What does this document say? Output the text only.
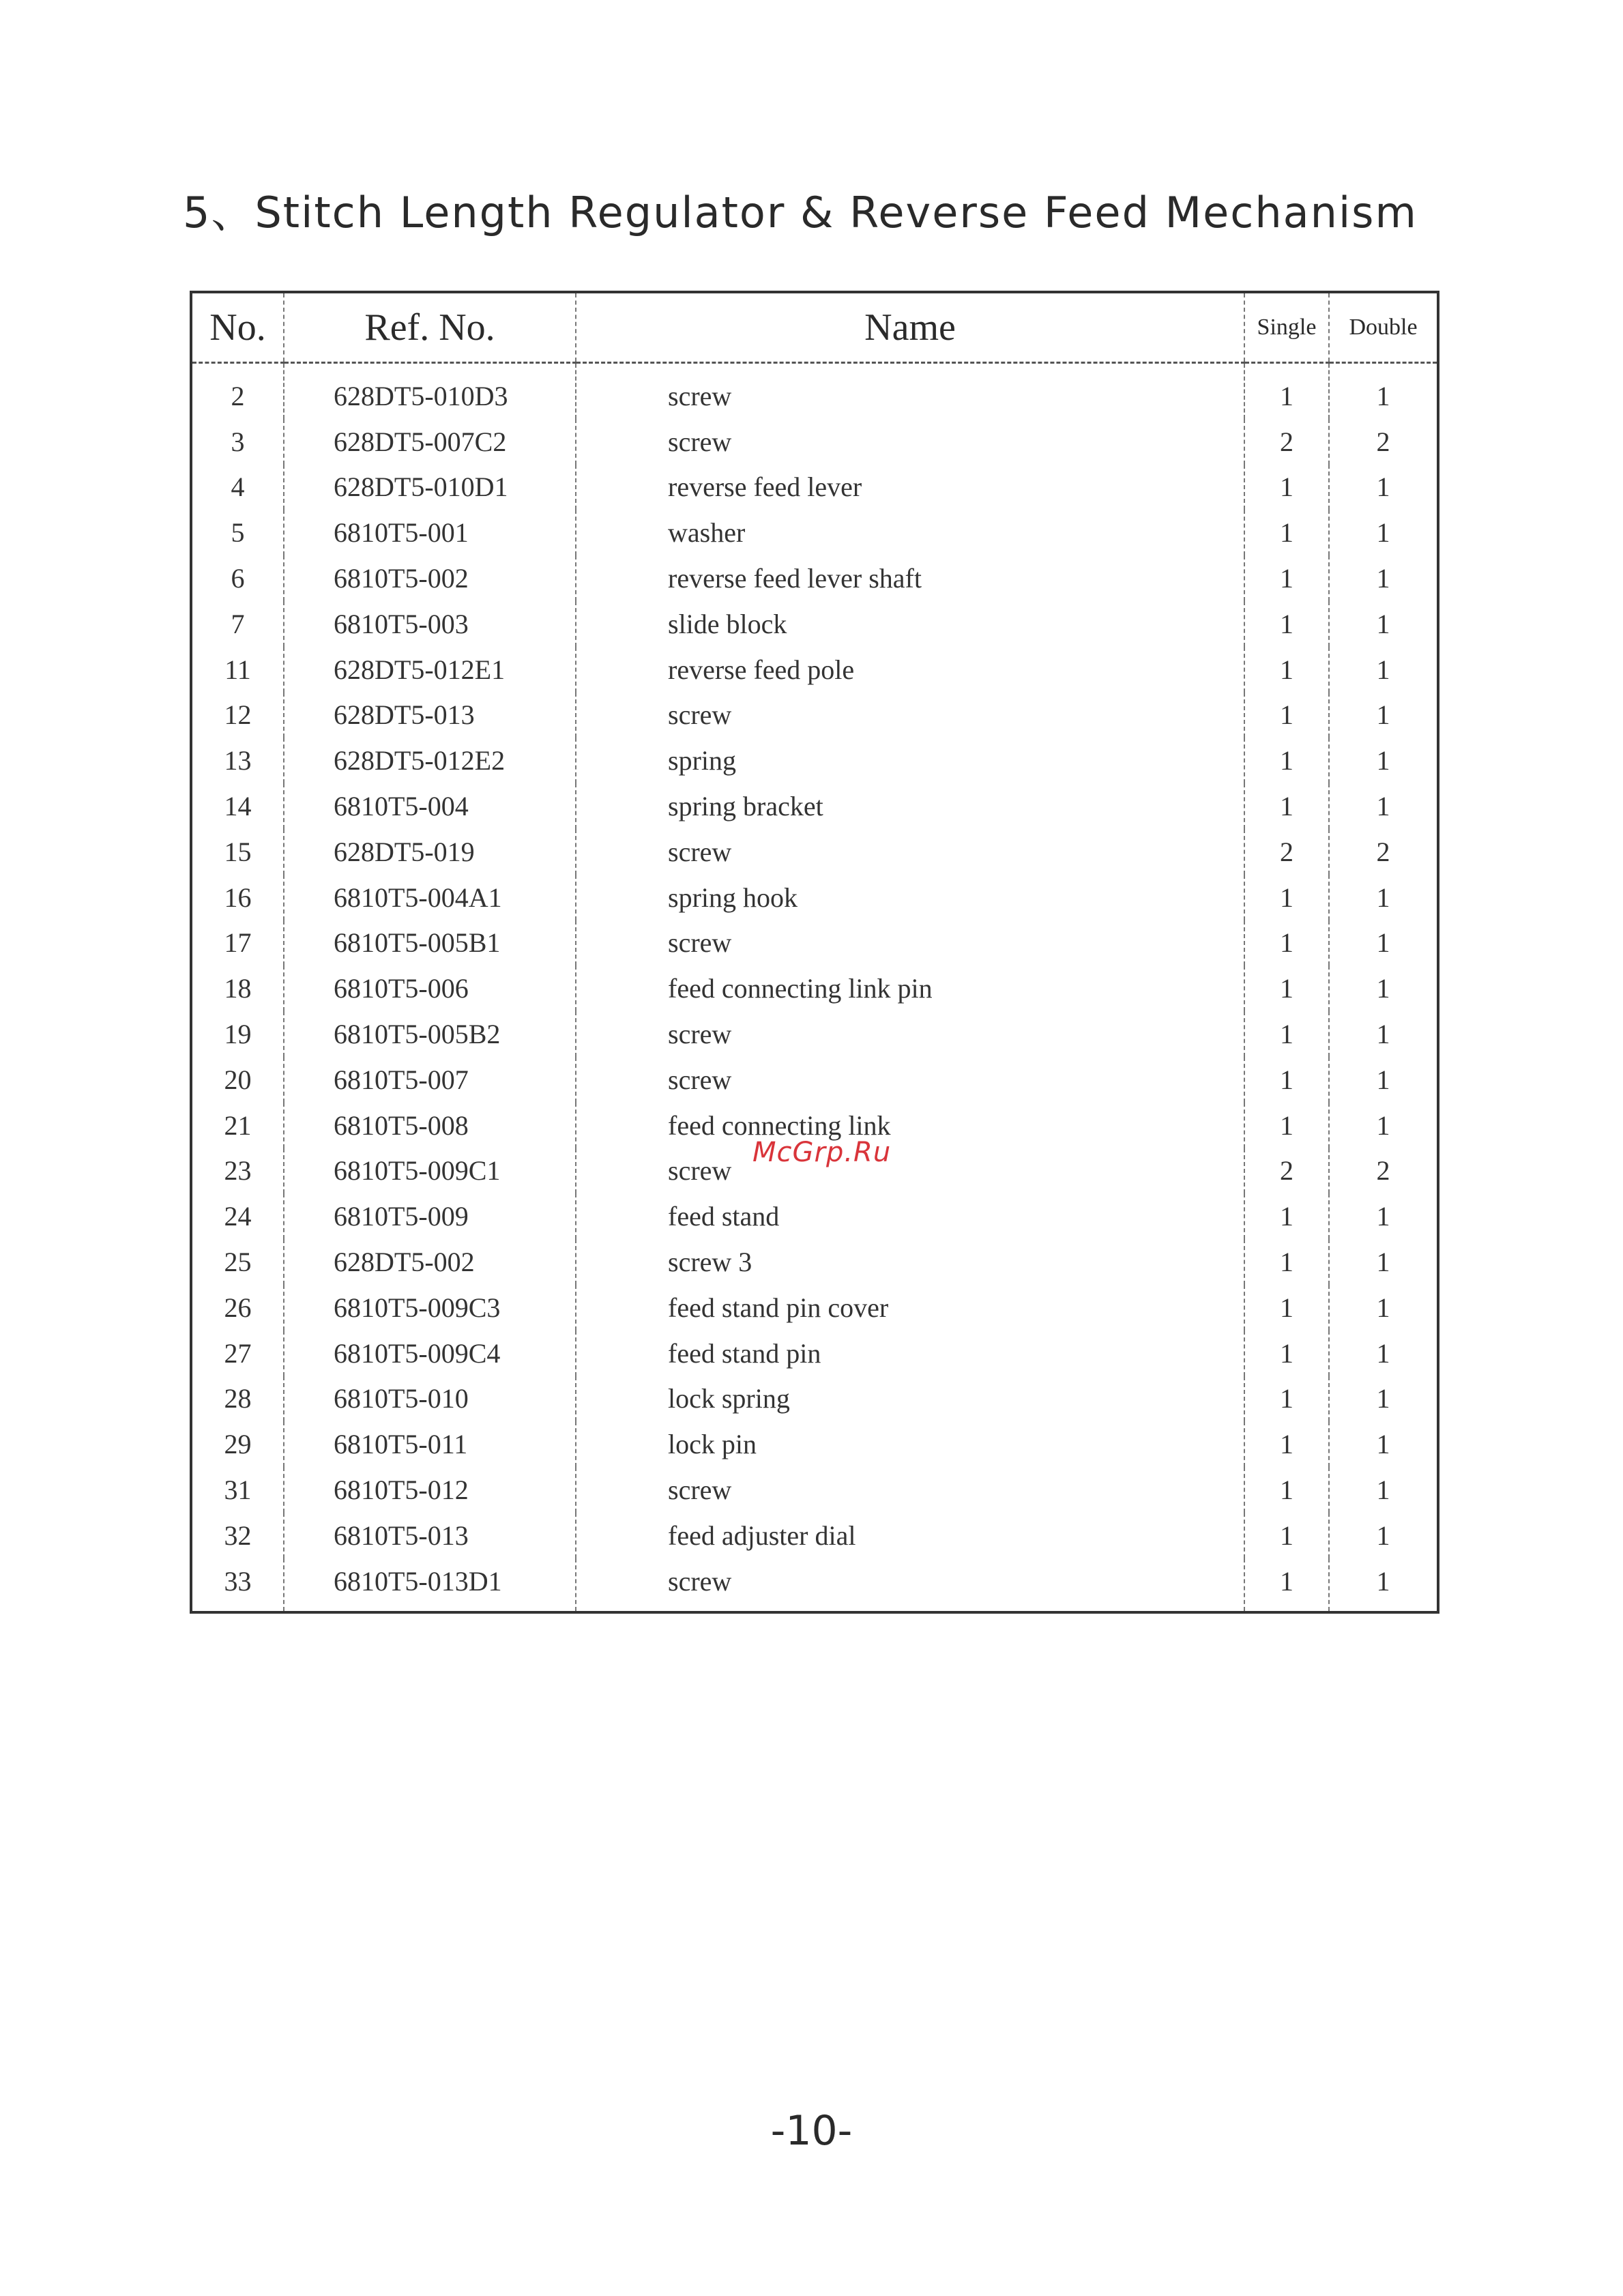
5、Stitch Length Regulator & Reverse Feed Mechanism
No.	Ref. No.	Name	Single	Double
2	628DT5-010D3	screw	1	1
3	628DT5-007C2	screw	2	2
4	628DT5-010D1	reverse feed lever	1	1
5	6810T5-001	washer	1	1
6	6810T5-002	reverse feed lever shaft	1	1
7	6810T5-003	slide block	1	1
11	628DT5-012E1	reverse feed pole	1	1
12	628DT5-013	screw	1	1
13	628DT5-012E2	spring	1	1
14	6810T5-004	spring bracket	1	1
15	628DT5-019	screw	2	2
16	6810T5-004A1	spring hook	1	1
17	6810T5-005B1	screw	1	1
18	6810T5-006	feed connecting link pin	1	1
19	6810T5-005B2	screw	1	1
20	6810T5-007	screw	1	1
21	6810T5-008	feed connecting link	1	1
23	6810T5-009C1	screw	2	2
24	6810T5-009	feed stand	1	1
25	628DT5-002	screw 3	1	1
26	6810T5-009C3	feed stand pin cover	1	1
27	6810T5-009C4	feed stand pin	1	1
28	6810T5-010	lock spring	1	1
29	6810T5-011	lock pin	1	1
31	6810T5-012	screw	1	1
32	6810T5-013	feed adjuster dial	1	1
33	6810T5-013D1	screw	1	1
McGrp.Ru
-10-
